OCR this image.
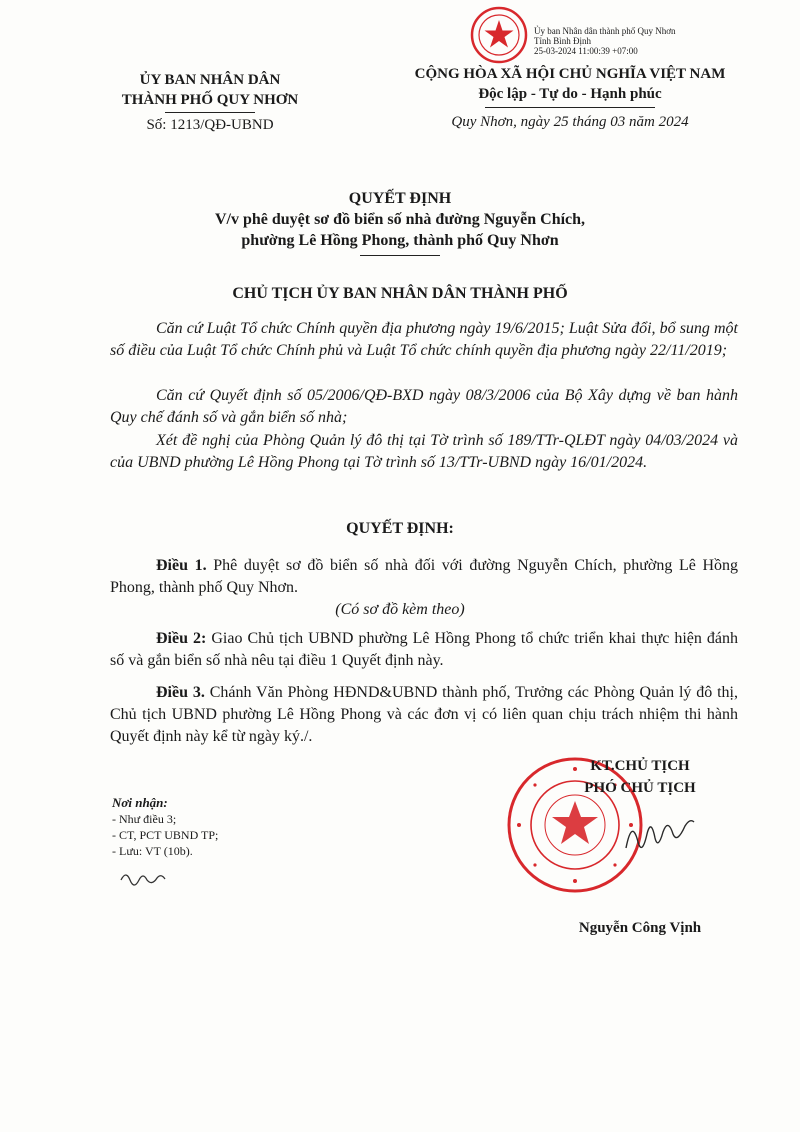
ỦY BAN NHÂN DÂN
THÀNH PHỐ QUY NHƠN
Số: 1213/QĐ-UBND
Ủy ban Nhân dân thành phố Quy Nhơn
Tỉnh Bình Định
25-03-2024 11:00:39 +07:00
CỘNG HÒA XÃ HỘI CHỦ NGHĨA VIỆT NAM
Độc lập - Tự do - Hạnh phúc
Quy Nhơn, ngày 25 tháng 03 năm 2024
QUYẾT ĐỊNH
V/v phê duyệt sơ đồ biển số nhà đường Nguyễn Chích,
phường Lê Hồng Phong, thành phố Quy Nhơn
CHỦ TỊCH ỦY BAN NHÂN DÂN THÀNH PHỐ
Căn cứ Luật Tổ chức Chính quyền địa phương ngày 19/6/2015; Luật Sửa đổi, bổ sung một số điều của Luật Tổ chức Chính phủ và Luật Tổ chức chính quyền địa phương ngày 22/11/2019;
Căn cứ Quyết định số 05/2006/QĐ-BXD ngày 08/3/2006 của Bộ Xây dựng về ban hành Quy chế đánh số và gắn biển số nhà;
Xét đề nghị của Phòng Quản lý đô thị tại Tờ trình số 189/TTr-QLĐT ngày 04/03/2024 và của UBND phường Lê Hồng Phong tại Tờ trình số 13/TTr-UBND ngày 16/01/2024.
QUYẾT ĐỊNH:
Điều 1. Phê duyệt sơ đồ biển số nhà đối với đường Nguyễn Chích, phường Lê Hồng Phong, thành phố Quy Nhơn.
(Có sơ đồ kèm theo)
Điều 2: Giao Chủ tịch UBND phường Lê Hồng Phong tổ chức triển khai thực hiện đánh số và gắn biển số nhà nêu tại điều 1 Quyết định này.
Điều 3. Chánh Văn Phòng HĐND&UBND thành phố, Trưởng các Phòng Quản lý đô thị, Chủ tịch UBND phường Lê Hồng Phong và các đơn vị có liên quan chịu trách nhiệm thi hành Quyết định này kể từ ngày ký./.
Nơi nhận:
- Như điều 3;
- CT, PCT UBND TP;
- Lưu: VT (10b).
KT.CHỦ TỊCH
PHÓ CHỦ TỊCH
Nguyễn Công Vịnh
